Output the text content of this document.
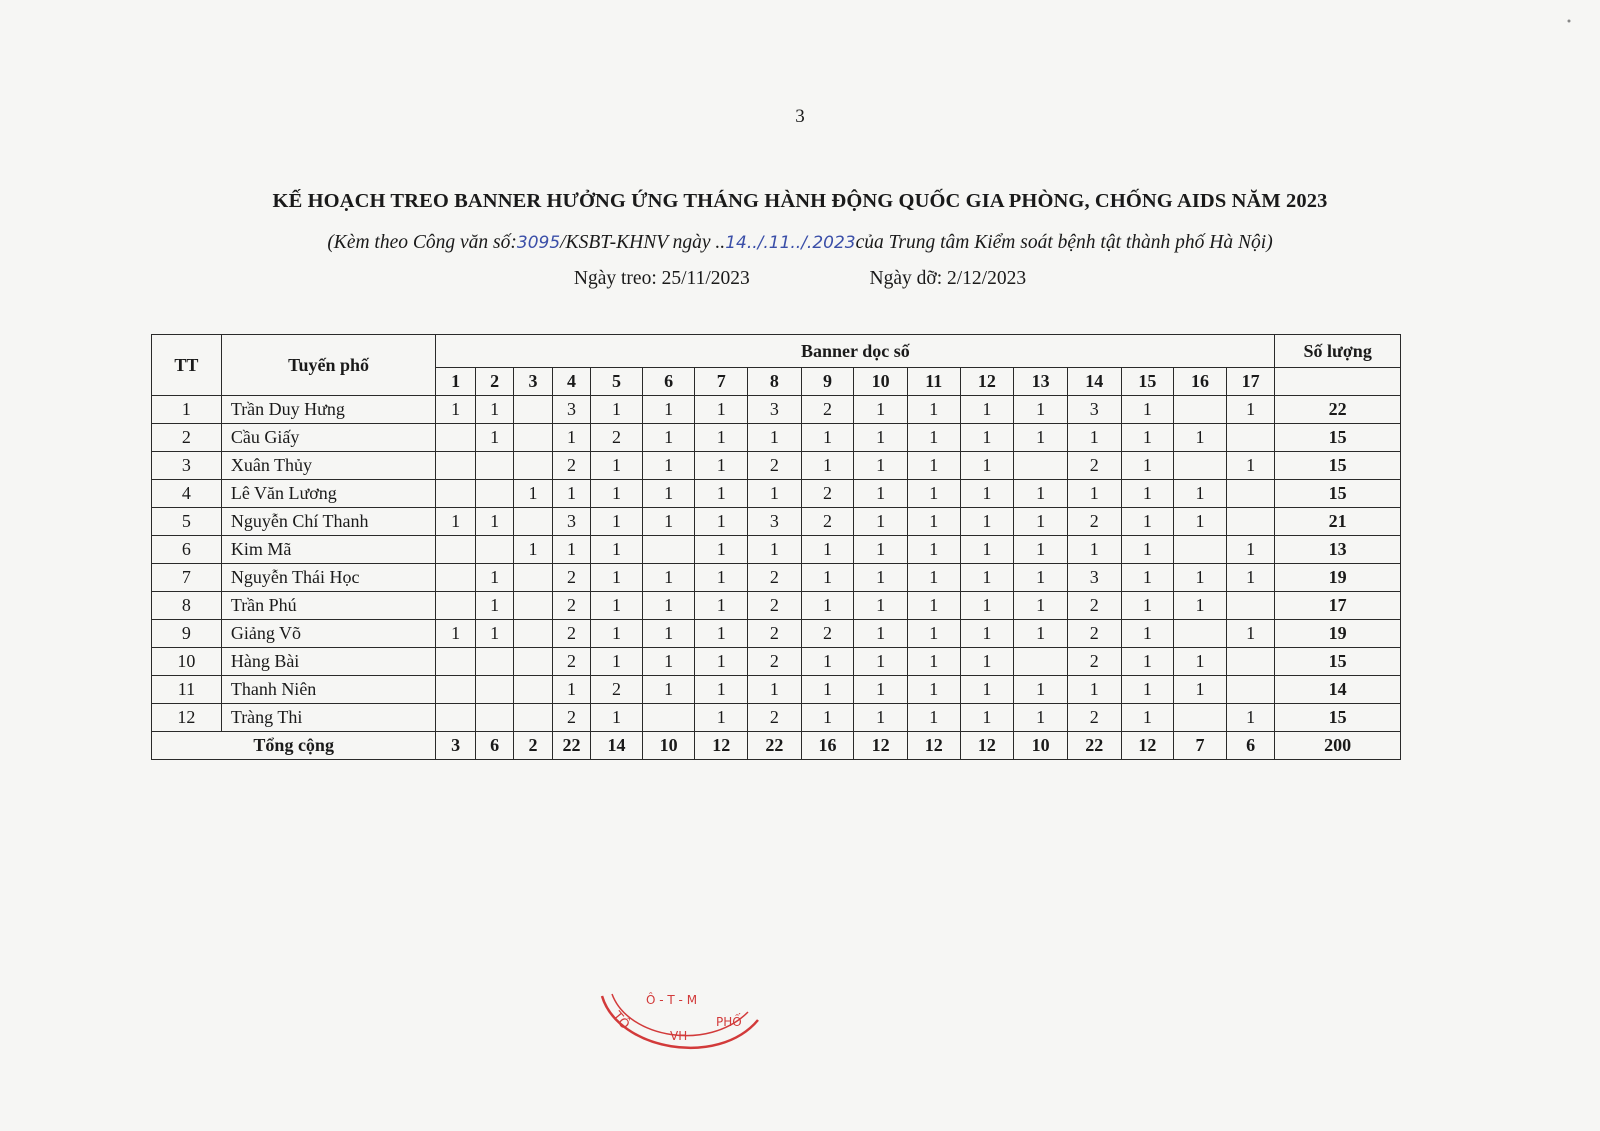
3
KẾ HOẠCH TREO BANNER HƯỞNG ỨNG THÁNG HÀNH ĐỘNG QUỐC GIA PHÒNG, CHỐNG AIDS NĂM 2023
(Kèm theo Công văn số:3095/KSBT-KHNV ngày ..14../.11../.2023của Trung tâm Kiểm soát bệnh tật thành phố Hà Nội)
Ngày treo: 25/11/2023	Ngày dỡ: 2/12/2023
TT	Tuyến phố	Banner dọc số																	Số lượng
		1	2	3	4	5	6	7	8	9	10	11	12	13	14	15	16	17	
1	Trần Duy Hưng	1	1		3	1	1	1	3	2	1	1	1	1	3	1		1	22
2	Cầu Giấy		1		1	2	1	1	1	1	1	1	1	1	1	1	1		15
3	Xuân Thủy				2	1	1	1	2	1	1	1	1		2	1		1	15
4	Lê Văn Lương			1	1	1	1	1	1	2	1	1	1	1	1	1	1		15
5	Nguyễn Chí Thanh	1	1		3	1	1	1	3	2	1	1	1	1	2	1	1		21
6	Kim Mã			1	1	1		1	1	1	1	1	1	1	1	1		1	13
7	Nguyễn Thái Học		1		2	1	1	1	2	1	1	1	1	1	3	1	1	1	19
8	Trần Phú		1		2	1	1	1	2	1	1	1	1	1	2	1	1		17
9	Giảng Võ	1	1		2	1	1	1	2	2	1	1	1	1	2	1		1	19
10	Hàng Bài				2	1	1	1	2	1	1	1	1		2	1	1		15
11	Thanh Niên				1	2	1	1	1	1	1	1	1	1	1	1	1		14
12	Tràng Thi				2	1		1	2	1	1	1	1	1	2	1		1	15
Tổng cộng		3	6	2	22	14	10	12	22	16	12	12	12	10	22	12	7	6	200
TÔ
Ô - T - M
VH
PHỐ
